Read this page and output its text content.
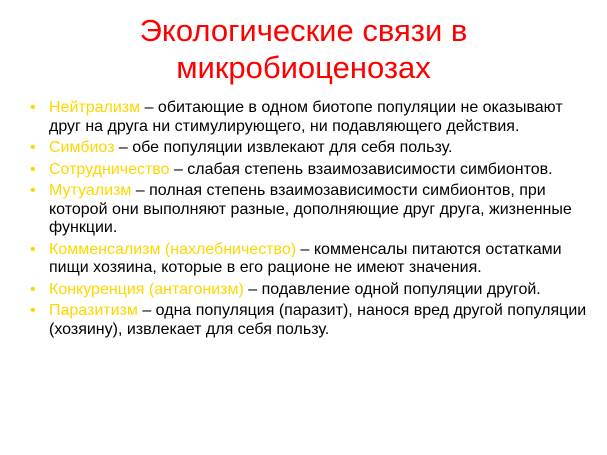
Экологические связи в
микробиоценозах
• Нейтрализм – обитающие в одном биотопе популяции не оказывают друг на друга ни стимулирующего, ни подавляющего действия.
• Симбиоз – обе популяции извлекают для себя пользу.
• Сотрудничество – слабая степень взаимозависимости симбионтов.
• Мутуализм – полная степень взаимозависимости симбионтов, при которой они выполняют разные, дополняющие друг друга, жизненные функции.
• Комменсализм (нахлебничество) – комменсалы питаются остатками пищи хозяина, которые в его рационе не имеют значения.
• Конкуренция (антагонизм) – подавление одной популяции другой.
• Паразитизм – одна популяция (паразит), нанося вред другой популяции (хозяину), извлекает для себя пользу.
